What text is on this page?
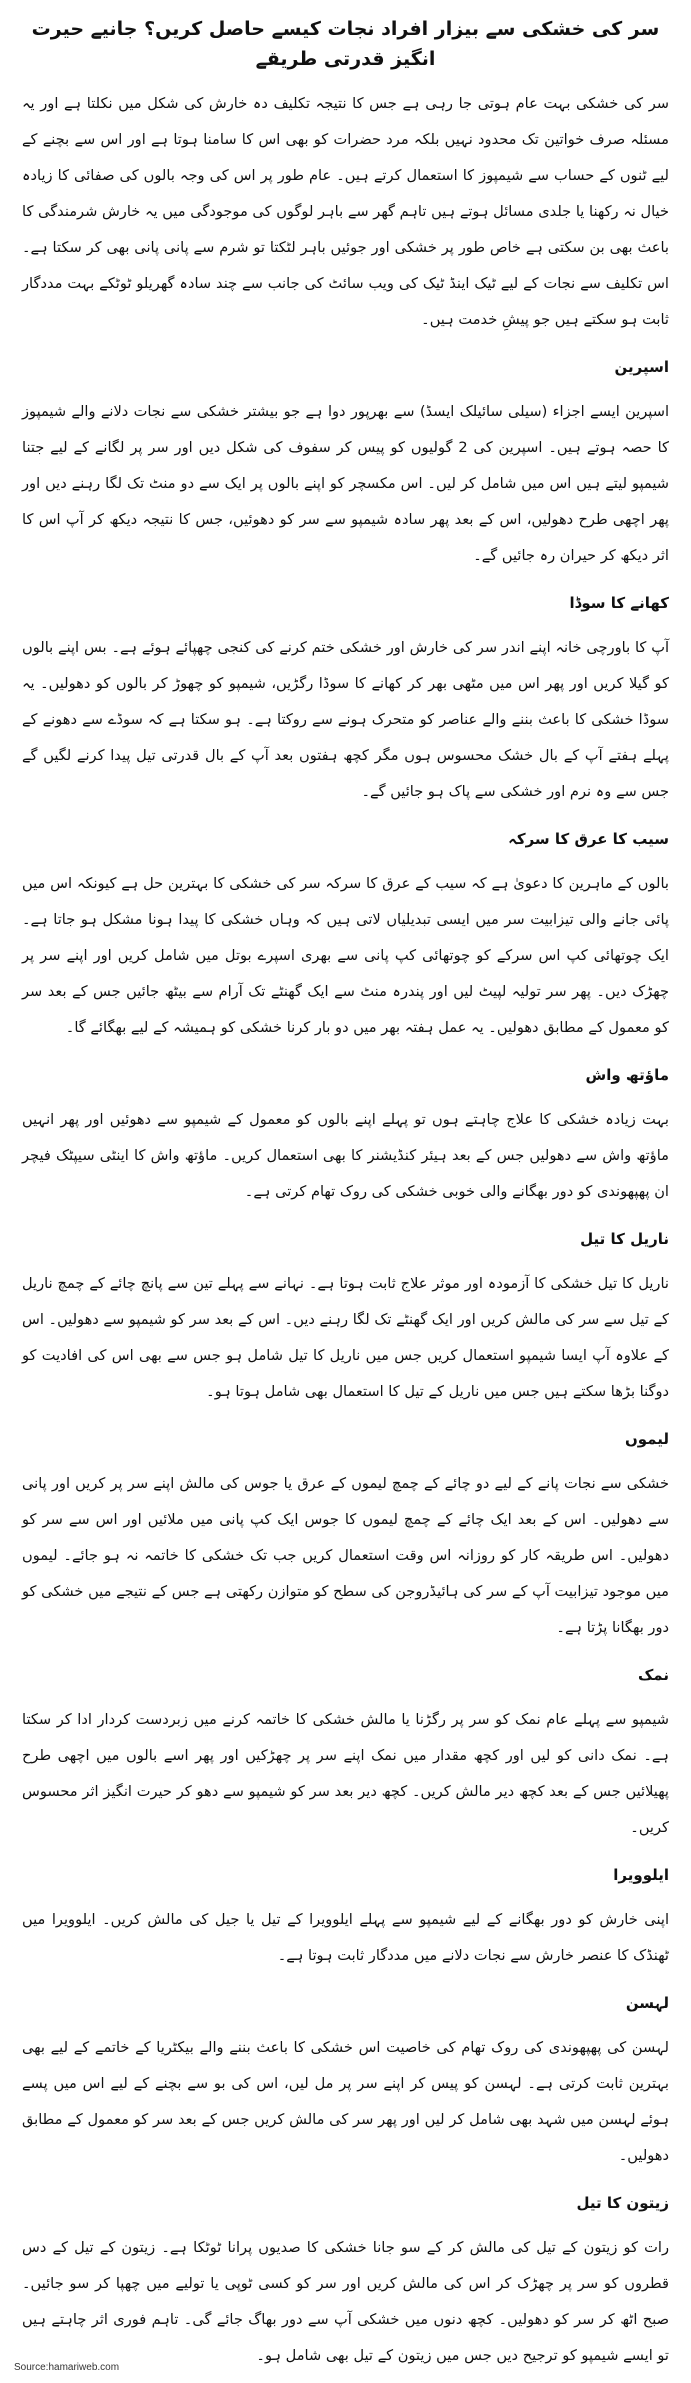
سر کی خشکی سے بیزار افراد نجات کیسے حاصل کریں؟ جانیے حیرت انگیز قدرتی طریقے

سر کی خشکی بہت عام ہوتی جا رہی ہے جس کا نتیجہ تکلیف دہ خارش کی شکل میں نکلتا ہے اور یہ مسئلہ صرف خواتین تک محدود نہیں بلکہ مرد حضرات کو بھی اس کا سامنا ہوتا ہے اور اس سے بچنے کے لیے ٹنوں کے حساب سے شیمپوز کا استعمال کرتے ہیں۔ عام طور پر اس کی وجہ بالوں کی صفائی کا زیادہ خیال نہ رکھنا یا جلدی مسائل ہوتے ہیں تاہم گھر سے باہر لوگوں کی موجودگی میں یہ خارش شرمندگی کا باعث بھی بن سکتی ہے خاص طور پر خشکی اور جوئیں باہر لٹکتا تو شرم سے پانی پانی بھی کر سکتا ہے۔ اس تکلیف سے نجات کے لیے ٹیک اینڈ ٹیک کی ویب سائٹ کی جانب سے چند سادہ گھریلو ٹوٹکے بہت مددگار ثابت ہو سکتے ہیں جو پیشِ خدمت ہیں۔

اسپرین

اسپرین ایسے اجزاء (سیلی سائیلک ایسڈ) سے بھرپور دوا ہے جو بیشتر خشکی سے نجات دلانے والے شیمپوز کا حصہ ہوتے ہیں۔ اسپرین کی 2 گولیوں کو پیس کر سفوف کی شکل دیں اور سر پر لگانے کے لیے جتنا شیمپو لیتے ہیں اس میں شامل کر لیں۔ اس مکسچر کو اپنے بالوں پر ایک سے دو منٹ تک لگا رہنے دیں اور پھر اچھی طرح دھولیں، اس کے بعد پھر سادہ شیمپو سے سر کو دھوئیں، جس کا نتیجہ دیکھ کر آپ اس کا اثر دیکھ کر حیران رہ جائیں گے۔

کھانے کا سوڈا

آپ کا باورچی خانہ اپنے اندر سر کی خارش اور خشکی ختم کرنے کی کنجی چھپائے ہوئے ہے۔ بس اپنے بالوں کو گیلا کریں اور پھر اس میں مٹھی بھر کر کھانے کا سوڈا رگڑیں، شیمپو کو چھوڑ کر بالوں کو دھولیں۔ یہ سوڈا خشکی کا باعث بننے والے عناصر کو متحرک ہونے سے روکتا ہے۔ ہو سکتا ہے کہ سوڈے سے دھونے کے پہلے ہفتے آپ کے بال خشک محسوس ہوں مگر کچھ ہفتوں بعد آپ کے بال قدرتی تیل پیدا کرنے لگیں گے جس سے وہ نرم اور خشکی سے پاک ہو جائیں گے۔

سیب کا عرق کا سرکہ

بالوں کے ماہرین کا دعویٰ ہے کہ سیب کے عرق کا سرکہ سر کی خشکی کا بہترین حل ہے کیونکہ اس میں پائی جانے والی تیزابیت سر میں ایسی تبدیلیاں لاتی ہیں کہ وہاں خشکی کا پیدا ہونا مشکل ہو جاتا ہے۔ ایک چوتھائی کپ اس سرکے کو چوتھائی کپ پانی سے بھری اسپرے بوتل میں شامل کریں اور اپنے سر پر چھڑک دیں۔ پھر سر تولیہ لپیٹ لیں اور پندرہ منٹ سے ایک گھنٹے تک آرام سے بیٹھ جائیں جس کے بعد سر کو معمول کے مطابق دھولیں۔ یہ عمل ہفتہ بھر میں دو بار کرنا خشکی کو ہمیشہ کے لیے بھگائے گا۔

ماؤتھ واش

بہت زیادہ خشکی کا علاج چاہتے ہوں تو پہلے اپنے بالوں کو معمول کے شیمپو سے دھوئیں اور پھر انہیں ماؤتھ واش سے دھولیں جس کے بعد ہیئر کنڈیشنر کا بھی استعمال کریں۔ ماؤتھ واش کا اینٹی سیپٹک فیچر ان پھپھوندی کو دور بھگانے والی خوبی خشکی کی روک تھام کرتی ہے۔

ناریل کا تیل

ناریل کا تیل خشکی کا آزمودہ اور موثر علاج ثابت ہوتا ہے۔ نہانے سے پہلے تین سے پانچ چائے کے چمچ ناریل کے تیل سے سر کی مالش کریں اور ایک گھنٹے تک لگا رہنے دیں۔ اس کے بعد سر کو شیمپو سے دھولیں۔ اس کے علاوہ آپ ایسا شیمپو استعمال کریں جس میں ناریل کا تیل شامل ہو جس سے بھی اس کی افادیت کو دوگنا بڑھا سکتے ہیں جس میں ناریل کے تیل کا استعمال بھی شامل ہوتا ہو۔

لیموں

خشکی سے نجات پانے کے لیے دو چائے کے چمچ لیموں کے عرق یا جوس کی مالش اپنے سر پر کریں اور پانی سے دھولیں۔ اس کے بعد ایک چائے کے چمچ لیموں کا جوس ایک کپ پانی میں ملائیں اور اس سے سر کو دھولیں۔ اس طریقہ کار کو روزانہ اس وقت استعمال کریں جب تک خشکی کا خاتمہ نہ ہو جائے۔ لیموں میں موجود تیزابیت آپ کے سر کی ہائیڈروجن کی سطح کو متوازن رکھتی ہے جس کے نتیجے میں خشکی کو دور بھگانا پڑتا ہے۔

نمک

شیمپو سے پہلے عام نمک کو سر پر رگڑنا یا مالش خشکی کا خاتمہ کرنے میں زبردست کردار ادا کر سکتا ہے۔ نمک دانی کو لیں اور کچھ مقدار میں نمک اپنے سر پر چھڑکیں اور پھر اسے بالوں میں اچھی طرح پھیلائیں جس کے بعد کچھ دیر مالش کریں۔ کچھ دیر بعد سر کو شیمپو سے دھو کر حیرت انگیز اثر محسوس کریں۔

ایلوویرا

اپنی خارش کو دور بھگانے کے لیے شیمپو سے پہلے ایلوویرا کے تیل یا جیل کی مالش کریں۔ ایلوویرا میں ٹھنڈک کا عنصر خارش سے نجات دلانے میں مددگار ثابت ہوتا ہے۔

لہسن

لہسن کی پھپھوندی کی روک تھام کی خاصیت اس خشکی کا باعث بننے والے بیکٹریا کے خاتمے کے لیے بھی بہترین ثابت کرتی ہے۔ لہسن کو پیس کر اپنے سر پر مل لیں، اس کی بو سے بچنے کے لیے اس میں پسے ہوئے لہسن میں شہد بھی شامل کر لیں اور پھر سر کی مالش کریں جس کے بعد سر کو معمول کے مطابق دھولیں۔

زیتون کا تیل

رات کو زیتون کے تیل کی مالش کر کے سو جانا خشکی کا صدیوں پرانا ٹوٹکا ہے۔ زیتون کے تیل کے دس قطروں کو سر پر چھڑک کر اس کی مالش کریں اور سر کو کسی ٹوپی یا تولیے میں چھپا کر سو جائیں۔ صبح اٹھ کر سر کو دھولیں۔ کچھ دنوں میں خشکی آپ سے دور بھاگ جائے گی۔ تاہم فوری اثر چاہتے ہیں تو ایسے شیمپو کو ترجیح دیں جس میں زیتون کے تیل بھی شامل ہو۔

Source:hamariweb.com
